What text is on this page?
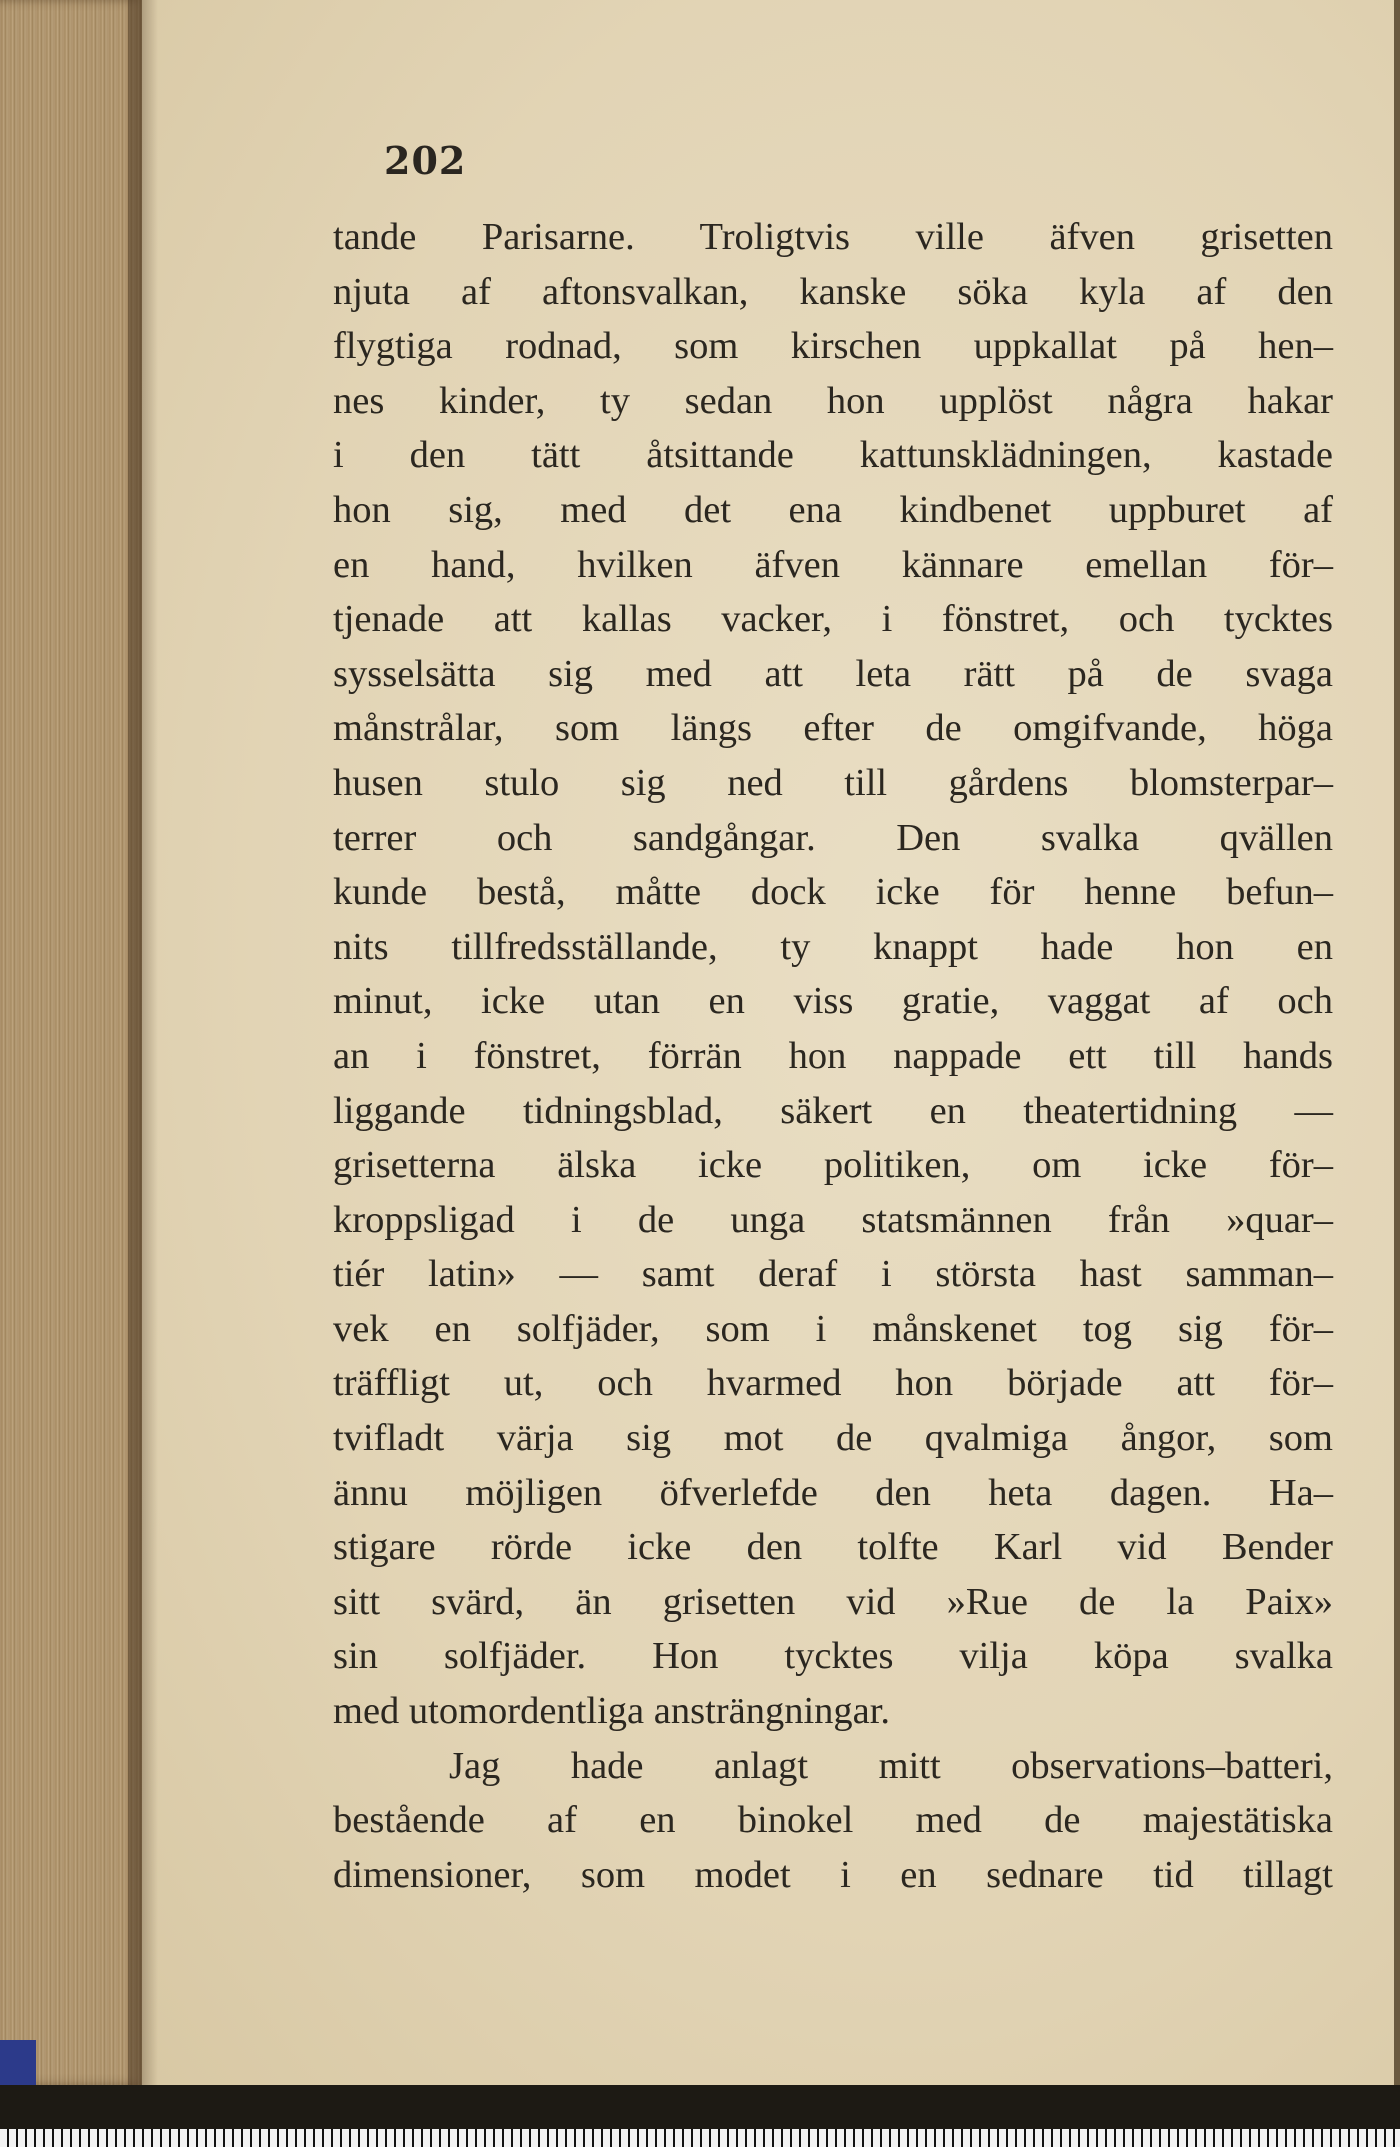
202
tande Parisarne. Troligtvis ville äfven grisetten
njuta af aftonsvalkan, kanske söka kyla af den
flygtiga rodnad, som kirschen uppkallat på hen–
nes kinder, ty sedan hon upplöst några hakar
i den tätt åtsittande kattunsklädningen, kastade
hon sig, med det ena kindbenet uppburet af
en hand, hvilken äfven kännare emellan för–
tjenade att kallas vacker, i fönstret, och tycktes
sysselsätta sig med att leta rätt på de svaga
månstrålar, som längs efter de omgifvande, höga
husen stulo sig ned till gårdens blomsterpar–
terrer och sandgångar. Den svalka qvällen
kunde bestå, måtte dock icke för henne befun–
nits tillfredsställande, ty knappt hade hon en
minut, icke utan en viss gratie, vaggat af och
an i fönstret, förrän hon nappade ett till hands
liggande tidningsblad, säkert en theatertidning —
grisetterna älska icke politiken, om icke för–
kroppsligad i de unga statsmännen från »quar–
tiér latin» — samt deraf i största hast samman–
vek en solfjäder, som i månskenet tog sig för–
träffligt ut, och hvarmed hon började att för–
tvifladt värja sig mot de qvalmiga ångor, som
ännu möjligen öfverlefde den heta dagen. Ha–
stigare rörde icke den tolfte Karl vid Bender
sitt svärd, än grisetten vid »Rue de la Paix»
sin solfjäder. Hon tycktes vilja köpa svalka
med utomordentliga ansträngningar.
Jag hade anlagt mitt observations–batteri,
bestående af en binokel med de majestätiska
dimensioner, som modet i en sednare tid tillagt
